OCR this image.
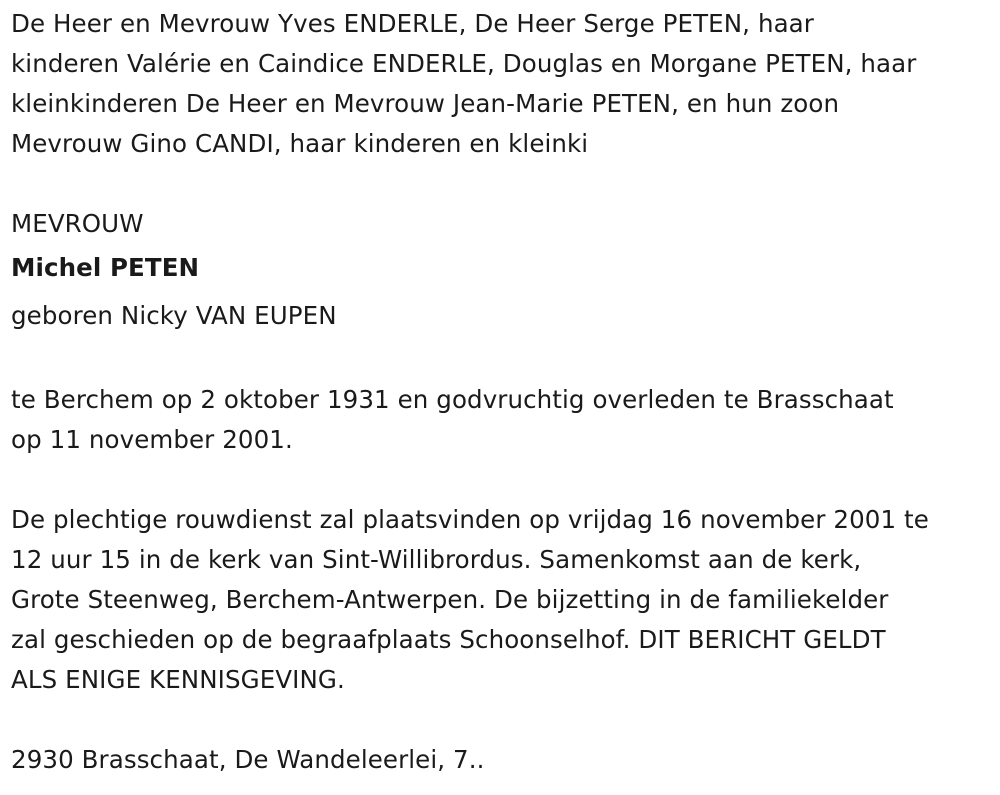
De Heer en Mevrouw Yves ENDERLE, De Heer Serge PETEN, haar
kinderen Valérie en Caindice ENDERLE, Douglas en Morgane PETEN, haar
kleinkinderen De Heer en Mevrouw Jean-Marie PETEN, en hun zoon
Mevrouw Gino CANDI, haar kinderen en kleinki
MEVROUW
Michel PETEN
geboren Nicky VAN EUPEN
te Berchem op 2 oktober 1931 en godvruchtig overleden te Brasschaat
op 11 november 2001.
De plechtige rouwdienst zal plaatsvinden op vrijdag 16 november 2001 te
12 uur 15 in de kerk van Sint-Willibrordus. Samenkomst aan de kerk,
Grote Steenweg, Berchem-Antwerpen. De bijzetting in de familiekelder
zal geschieden op de begraafplaats Schoonselhof. DIT BERICHT GELDT
ALS ENIGE KENNISGEVING.
2930 Brasschaat, De Wandeleerlei, 7..
